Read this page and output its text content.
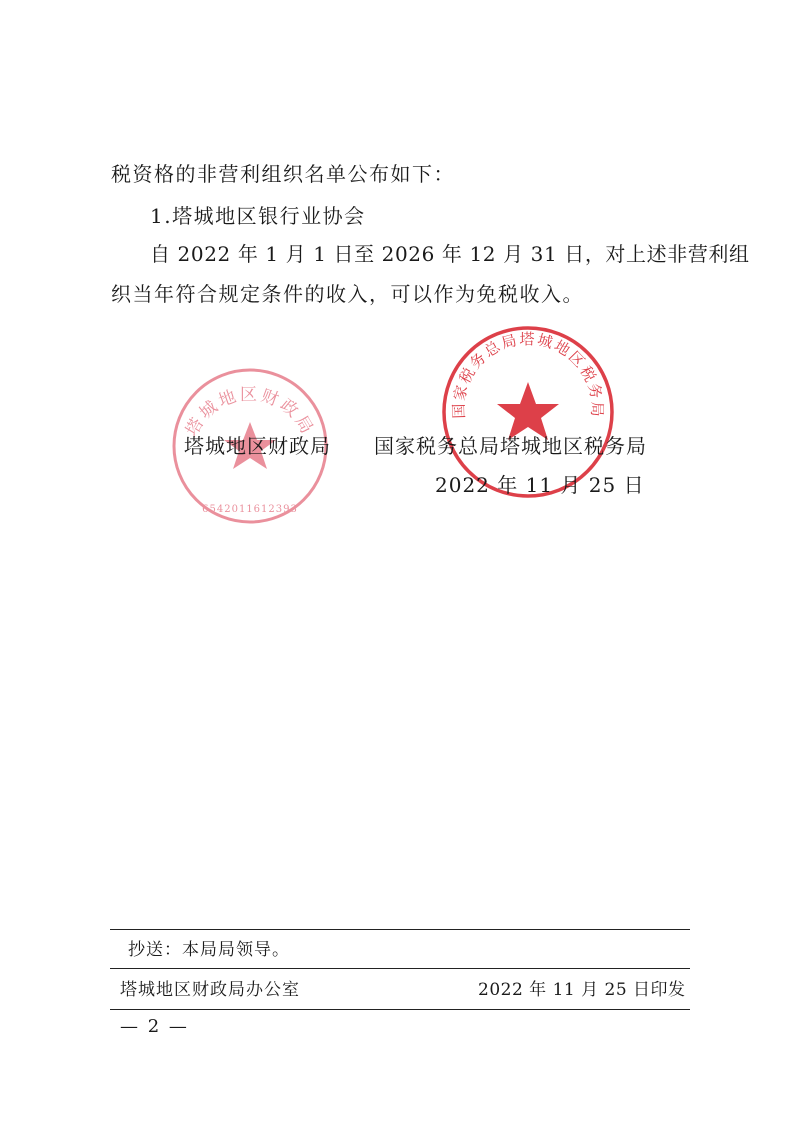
税资格的非营利组织名单公布如下：
1.塔城地区银行业协会
自 2022 年 1 月 1 日至 2026 年 12 月 31 日，对上述非营利组
织当年符合规定条件的收入，可以作为免税收入。
塔城地区财政局
6542011612393
国家税务总局塔城地区税务局
塔城地区财政局 国家税务总局塔城地区税务局
2022 年 11 月 25 日
抄送：本局局领导。
塔城地区财政局办公室	2022 年 11 月 25 日印发
— 2 —
